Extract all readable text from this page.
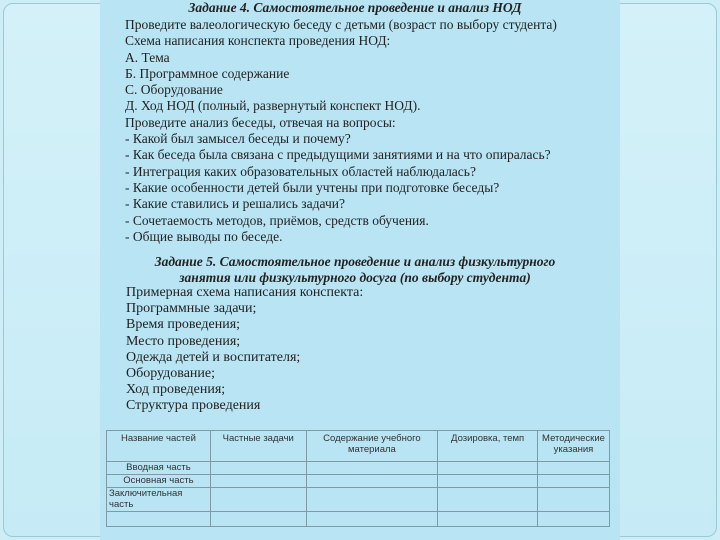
Задание 4. Самостоятельное проведение и анализ НОД
Проведите валеологическую беседу с детьми (возраст по выбору студента)
Схема написания конспекта проведения НОД:
А. Тема
Б. Программное содержание
С. Оборудование
Д. Ход НОД (полный, развернутый конспект НОД).
Проведите анализ беседы, отвечая на вопросы:
- Какой был замысел беседы и почему?
- Как беседа была связана с предыдущими занятиями и на что опиралась?
- Интеграция каких образовательных областей наблюдалась?
- Какие особенности детей были учтены при подготовке беседы?
- Какие ставились и решались задачи?
- Сочетаемость методов, приёмов, средств обучения.
- Общие выводы по беседе.
Задание 5. Самостоятельное проведение и анализ физкультурного
занятия или физкультурного досуга (по выбору студента)
Примерная схема написания конспекта:
Программные задачи;
Время проведения;
Место проведения;
Одежда детей и воспитателя;
Оборудование;
Ход проведения;
Структура проведения
Название частей	Частные задачи	Содержание учебного материала	Дозировка, темп	Методические указания
Вводная часть				
Основная часть				
Заключительная часть				
